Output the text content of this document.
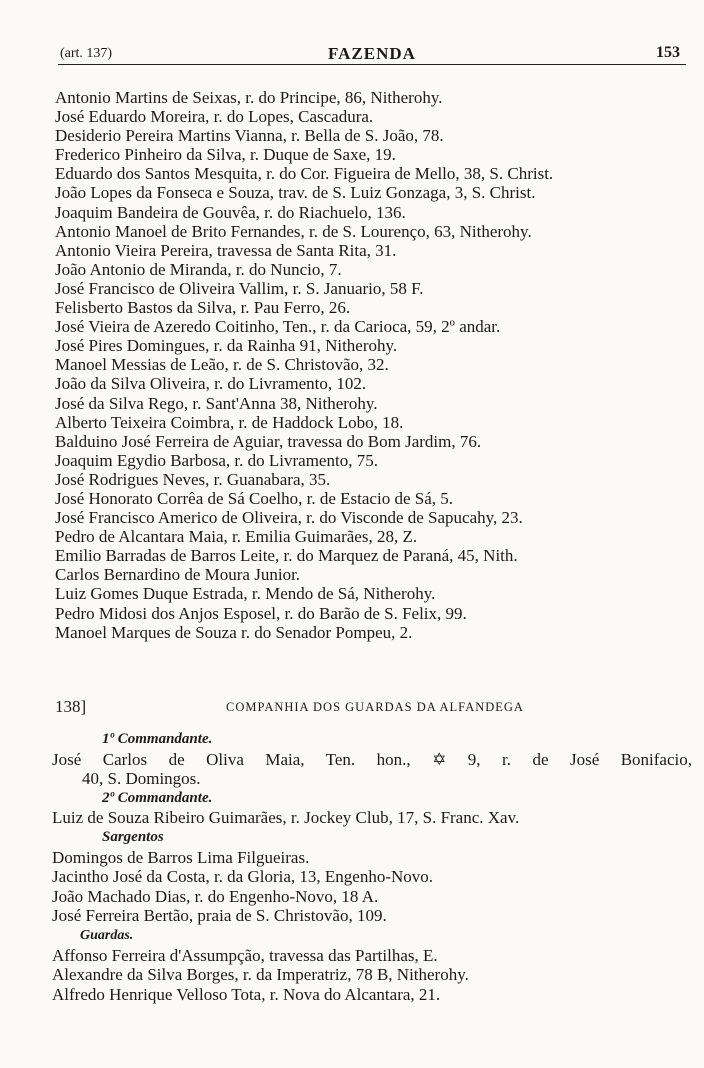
(art. 137)	FAZENDA	153
Antonio Martins de Seixas, r. do Principe, 86, Nitherohy.
José Eduardo Moreira, r. do Lopes, Cascadura.
Desiderio Pereira Martins Vianna, r. Bella de S. João, 78.
Frederico Pinheiro da Silva, r. Duque de Saxe, 19.
Eduardo dos Santos Mesquita, r. do Cor. Figueira de Mello, 38, S. Christ.
João Lopes da Fonseca e Souza, trav. de S. Luiz Gonzaga, 3, S. Christ.
Joaquim Bandeira de Gouvêa, r. do Riachuelo, 136.
Antonio Manoel de Brito Fernandes, r. de S. Lourenço, 63, Nitherohy.
Antonio Vieira Pereira, travessa de Santa Rita, 31.
João Antonio de Miranda, r. do Nuncio, 7.
José Francisco de Oliveira Vallim, r. S. Januario, 58 F.
Felisberto Bastos da Silva, r. Pau Ferro, 26.
José Vieira de Azeredo Coitinho, Ten., r. da Carioca, 59, 2º andar.
José Pires Domingues, r. da Rainha 91, Nitherohy.
Manoel Messias de Leão, r. de S. Christovão, 32.
João da Silva Oliveira, r. do Livramento, 102.
José da Silva Rego, r. Sant'Anna 38, Nitherohy.
Alberto Teixeira Coimbra, r. de Haddock Lobo, 18.
Balduino José Ferreira de Aguiar, travessa do Bom Jardim, 76.
Joaquim Egydio Barbosa, r. do Livramento, 75.
José Rodrigues Neves, r. Guanabara, 35.
José Honorato Corrêa de Sá Coelho, r. de Estacio de Sá, 5.
José Francisco Americo de Oliveira, r. do Visconde de Sapucahy, 23.
Pedro de Alcantara Maia, r. Emilia Guimarães, 28, Z.
Emilio Barradas de Barros Leite, r. do Marquez de Paraná, 45, Nith.
Carlos Bernardino de Moura Junior.
Luiz Gomes Duque Estrada, r. Mendo de Sá, Nitherohy.
Pedro Midosi dos Anjos Esposel, r. do Barão de S. Felix, 99.
Manoel Marques de Souza r. do Senador Pompeu, 2.
138]	COMPANHIA DOS GUARDAS DA ALFANDEGA
1º Commandante.
José Carlos de Oliva Maia, Ten. hon., ✡ 9, r. de José Bonifacio,
40, S. Domingos.
2º Commandante.
Luiz de Souza Ribeiro Guimarães, r. Jockey Club, 17, S. Franc. Xav.
Sargentos
Domingos de Barros Lima Filgueiras.
Jacintho José da Costa, r. da Gloria, 13, Engenho-Novo.
João Machado Dias, r. do Engenho-Novo, 18 A.
José Ferreira Bertão, praia de S. Christovão, 109.
Guardas.
Affonso Ferreira d'Assumpção, travessa das Partilhas, E.
Alexandre da Silva Borges, r. da Imperatriz, 78 B, Nitherohy.
Alfredo Henrique Velloso Tota, r. Nova do Alcantara, 21.
